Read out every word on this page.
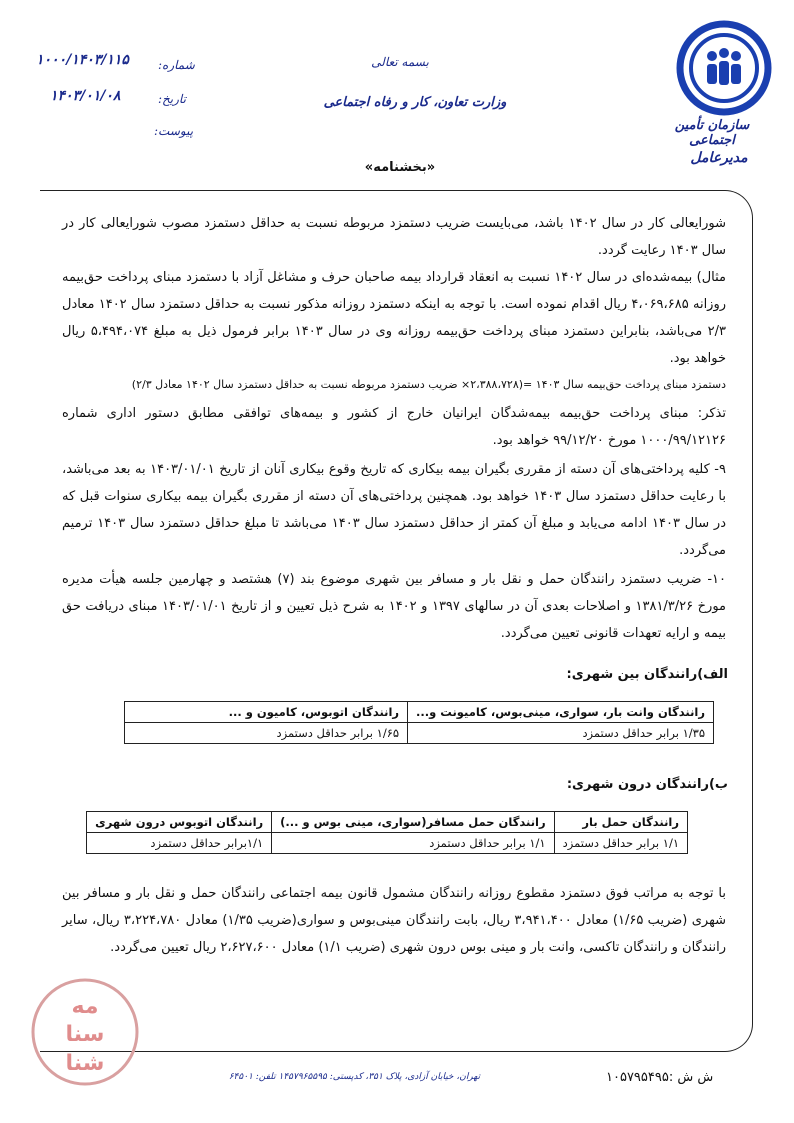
سازمان تأمین اجتماعی
مدیرعامل
بسمه تعالی
وزارت تعاون، کار و رفاه اجتماعی
شماره:
۱۰۰۰/۱۴۰۳/۱۱۵
تاریخ:
۱۴۰۳/۰۱/۰۸
پیوست:
«بخشنامه»
شورایعالی کار در سال ۱۴۰۲ باشد، می‌بایست ضریب دستمزد مربوطه نسبت به حداقل دستمزد مصوب شورایعالی کار در سال ۱۴۰۳ رعایت گردد.
مثال) بیمه‌شده‌ای در سال ۱۴۰۲ نسبت به انعقاد قرارداد بیمه صاحبان حرف و مشاغل آزاد با دستمزد مبنای پرداخت حق‌بیمه روزانه ۴،۰۶۹،۶۸۵ ریال اقدام نموده است. با توجه به اینکه دستمزد روزانه مذکور نسبت به حداقل دستمزد سال ۱۴۰۲ معادل ۲/۳ می‌باشد، بنابراین دستمزد مبنای پرداخت حق‌بیمه روزانه وی در سال ۱۴۰۳ برابر فرمول ذیل به مبلغ ۵،۴۹۴،۰۷۴ ریال خواهد بود.
دستمزد مبنای پرداخت حق‌بیمه سال ۱۴۰۳ =(۲،۳۸۸،۷۲۸× ضریب دستمزد مربوطه نسبت به حداقل دستمزد سال ۱۴۰۲ معادل ۲/۳)
تذکر: مبنای پرداخت حق‌بیمه بیمه‌شدگان ایرانیان خارج از کشور و بیمه‌های توافقی مطابق دستور اداری شماره ۱۰۰۰/۹۹/۱۲۱۲۶ مورخ ۹۹/۱۲/۲۰ خواهد بود.
۹- کلیه پرداختی‌های آن دسته از مقرری بگیران بیمه بیکاری که تاریخ وقوع بیکاری آنان از تاریخ ۱۴۰۳/۰۱/۰۱ به بعد می‌باشد، با رعایت حداقل دستمزد سال ۱۴۰۳ خواهد بود. همچنین پرداختی‌های آن دسته از مقرری بگیران بیمه بیکاری سنوات قبل که در سال ۱۴۰۳ ادامه می‌یابد و مبلغ آن کمتر از حداقل دستمزد سال ۱۴۰۳ می‌باشد تا مبلغ حداقل دستمزد سال ۱۴۰۳ ترمیم می‌گردد.
۱۰- ضریب دستمزد رانندگان حمل و نقل بار و مسافر بین شهری موضوع بند (۷) هشتصد و چهارمین جلسه هیأت مدیره مورخ ۱۳۸۱/۳/۲۶ و اصلاحات بعدی آن در سالهای ۱۳۹۷ و ۱۴۰۲ به شرح ذیل تعیین و از تاریخ ۱۴۰۳/۰۱/۰۱ مبنای دریافت حق بیمه و ارایه تعهدات قانونی تعیین می‌گردد.
الف)رانندگان بین شهری:
رانندگان وانت بار، سواری، مینی‌بوس، کامیونت و...	رانندگان اتوبوس، کامیون و ...
۱/۳۵ برابر حداقل دستمزد	۱/۶۵ برابر حداقل دستمزد
ب)رانندگان درون شهری:
رانندگان حمل بار	رانندگان حمل مسافر(سواری، مینی بوس و ...)	رانندگان اتوبوس درون شهری
۱/۱ برابر حداقل دستمزد	۱/۱ برابر حداقل دستمزد	۱/۱برابر حداقل دستمزد
با توجه به مراتب فوق دستمزد مقطوع روزانه رانندگان مشمول قانون بیمه اجتماعی رانندگان حمل و نقل بار و مسافر بین شهری (ضریب ۱/۶۵) معادل ۳،۹۴۱،۴۰۰ ریال، بابت رانندگان مینی‌بوس و سواری(ضریب ۱/۳۵) معادل ۳،۲۲۴،۷۸۰ ریال، سایر رانندگان و رانندگان تاکسی، وانت بار و مینی بوس درون شهری (ضریب ۱/۱) معادل ۲،۶۲۷،۶۰۰ ریال تعیین می‌گردد.
مه
سنا
شنا
تهران، خیابان آزادی، پلاک ۳۵۱، کدپستی: ۱۴۵۷۹۶۵۵۹۵ تلفن: ۶۴۵۰۱	ش ش :۱۰۵۷۹۵۴۹۵
